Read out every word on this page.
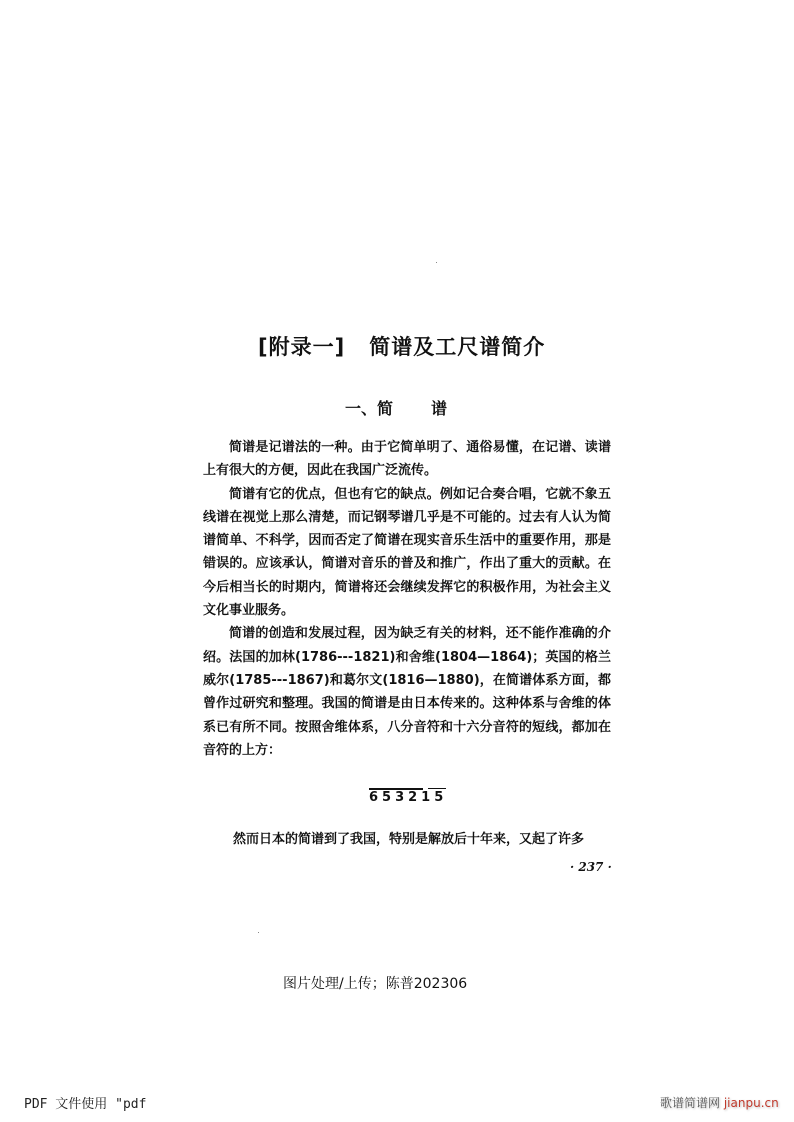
[附录一] 简谱及工尺谱简介
一、简 谱

简谱是记谱法的一种。由于它简单明了、通俗易懂，在记谱、读谱上有很大的方便，因此在我国广泛流传。

简谱有它的优点，但也有它的缺点。例如记合奏合唱，它就不象五线谱在视觉上那么清楚，而记钢琴谱几乎是不可能的。过去有人认为简谱简单、不科学，因而否定了简谱在现实音乐生活中的重要作用，那是错误的。应该承认，简谱对音乐的普及和推广，作出了重大的贡献。在今后相当长的时期内，简谱将还会继续发挥它的积极作用，为社会主义文化事业服务。

简谱的创造和发展过程，因为缺乏有关的材料，还不能作准确的介绍。法国的加林(1786---1821)和舍维(1804—1864)；英国的格兰威尔(1785---1867)和葛尔文(1816—1880)，在简谱体系方面，都曾作过研究和整理。我国的简谱是由日本传来的。这种体系与舍维的体系已有所不同。按照舍维体系，八分音符和十六分音符的短线，都加在音符的上方：

653215
然而日本的简谱到了我国，特别是解放后十年来，又起了许多
· 237 ·
图片处理/上传；陈普202306
PDF 文件使用 "pdf	歌谱简谱网 jianpu.cn
